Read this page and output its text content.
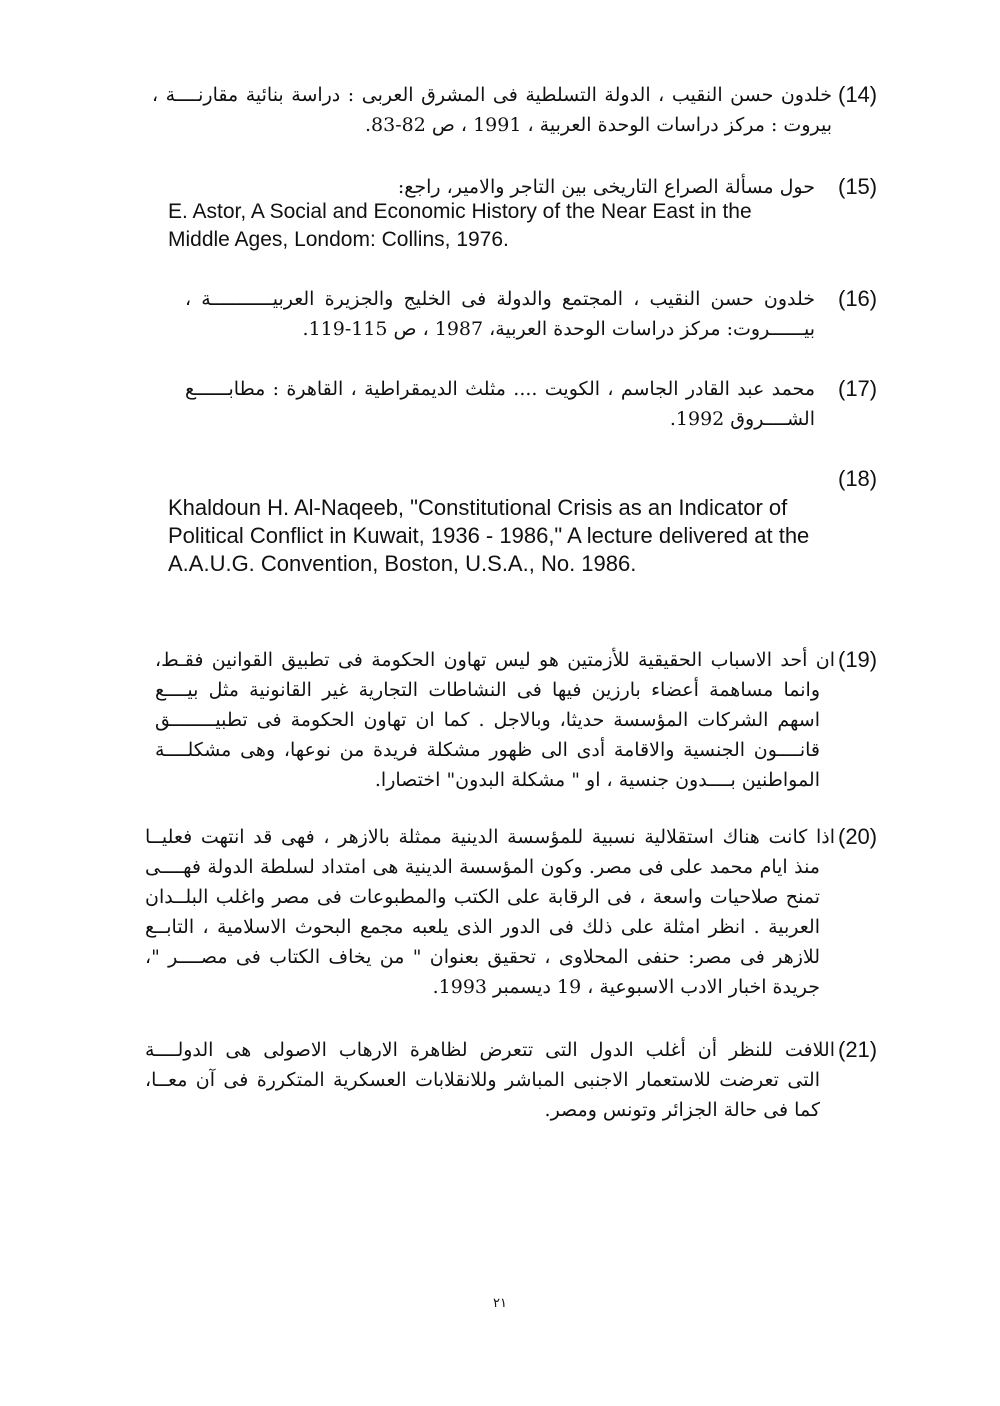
(14)
خلدون حسن النقيب ، الدولة التسلطية فى المشرق العربى : دراسة بنائية مقارنــــة ،
بيروت : مركز دراسات الوحدة العربية ، 1991 ، ص 82-83.
(15)
حول مسألة الصراع التاريخى بين التاجر والامير، راجع:
E. Astor, A Social and Economic History of the Near East in the
Middle Ages, Londom: Collins, 1976.
(16)
خلدون حسن النقيب ، المجتمع والدولة فى الخليج والجزيرة العربيـــــــــــة ،
بيــــــروت: مركز دراسات الوحدة العربية، 1987 ، ص 115-119.
(17)
محمد عبد القادر الجاسم ، الكويت .... مثلث الديمقراطية ، القاهرة : مطابــــــع
الشــــروق 1992.
(18)
Khaldoun H. Al-Naqeeb, "Constitutional Crisis as an Indicator of
Political Conflict in Kuwait, 1936 - 1986," A lecture delivered at the
A.A.U.G. Convention, Boston, U.S.A., No. 1986.
(19)
ان أحد الاسباب الحقيقية للأزمتين هو ليس تهاون الحكومة فى تطبيق القوانين فقـط،
وانما مساهمة أعضاء بارزين فيها فى النشاطات التجارية غير القانونية مثل بيــــع
اسهم الشركات المؤسسة حديثا، وبالاجل . كما ان تهاون الحكومة فى تطبيــــــــق
قانــــون الجنسية والاقامة أدى الى ظهور مشكلة فريدة من نوعها، وهى مشكلــــة
المواطنين بــــدون جنسية ، او " مشكلة البدون" اختصارا.
(20)
اذا كانت هناك استقلالية نسبية للمؤسسة الدينية ممثلة بالازهر ، فهى قد انتهت فعليــا
منذ ايام محمد على فى مصر. وكون المؤسسة الدينية هى امتداد لسلطة الدولة فهــــى
تمنح صلاحيات واسعة ، فى الرقابة على الكتب والمطبوعات فى مصر واغلب البلــدان
العربية . انظر امثلة على ذلك فى الدور الذى يلعبه مجمع البحوث الاسلامية ، التابــع
للازهر فى مصر: حنفى المحلاوى ، تحقيق بعنوان " من يخاف الكتاب فى مصــــر "،
جريدة اخبار الادب الاسبوعية ، 19 ديسمبر 1993.
(21)
اللافت للنظر أن أغلب الدول التى تتعرض لظاهرة الارهاب الاصولى هى الدولــــة
التى تعرضت للاستعمار الاجنبى المباشر وللانقلابات العسكرية المتكررة فى آن معــا،
كما فى حالة الجزائر وتونس ومصر.
٢١
